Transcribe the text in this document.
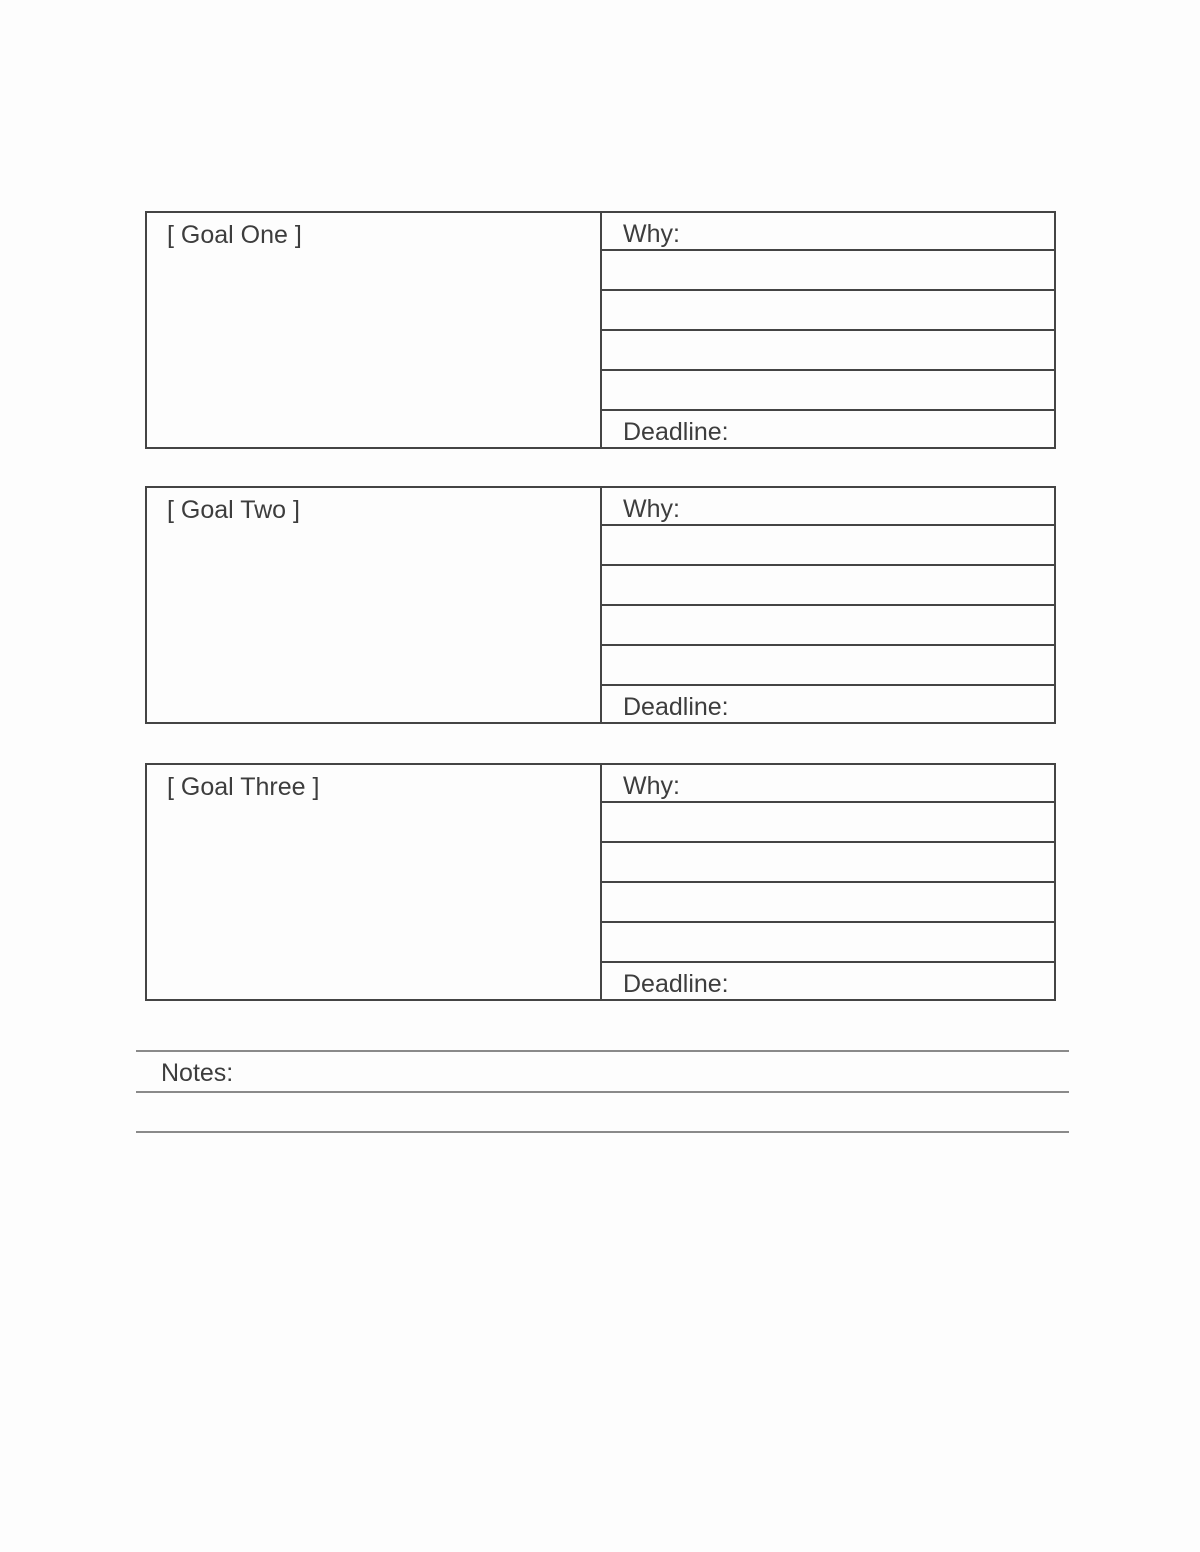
[ Goal One ]	Why:
Deadline:
[ Goal Two ]	Why:
Deadline:
[ Goal Three ]	Why:
Deadline:
Notes:
